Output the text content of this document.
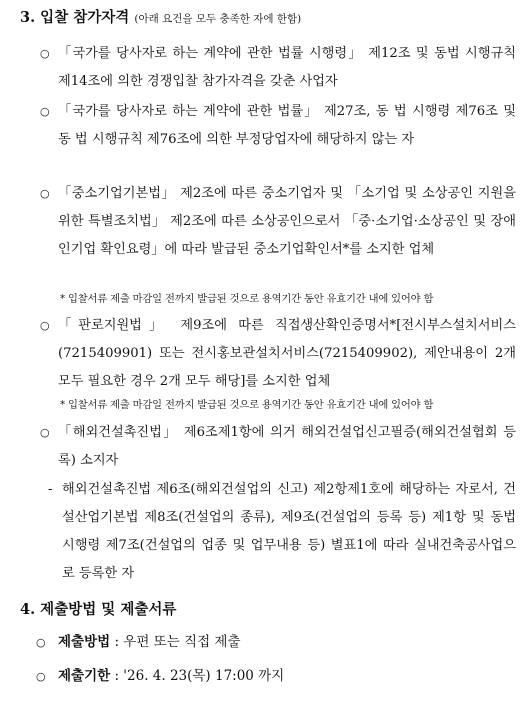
3. 입찰 참가자격 (아래 요건을 모두 충족한 자에 한함)
○ 「국가를 당사자로 하는 계약에 관한 법률 시행령」 제12조 및 동법 시행규칙 제14조에 의한 경쟁입찰 참가자격을 갖춘 사업자
○ 「국가를 당사자로 하는 계약에 관한 법률」 제27조, 동 법 시행령 제76조 및 동 법 시행규칙 제76조에 의한 부정당업자에 해당하지 않는 자
○ 「중소기업기본법」 제2조에 따른 중소기업자 및 「소기업 및 소상공인 지원을 위한 특별조치법」 제2조에 따른 소상공인으로서 「중·소기업·소상공인 및 장애인기업 확인요령」에 따라 발급된 중소기업확인서*를 소지한 업체
* 입찰서류 제출 마감일 전까지 발급된 것으로 용역기간 동안 유효기간 내에 있어야 함
○ 「판로지원법」 제9조에 따른 직접생산확인증명서*[전시부스설치서비스(7215409901) 또는 전시홍보관설치서비스(7215409902), 제안내용이 2개 모두 필요한 경우 2개 모두 해당]를 소지한 업체
* 입찰서류 제출 마감일 전까지 발급된 것으로 용역기간 동안 유효기간 내에 있어야 함
○ 「해외건설촉진법」 제6조제1항에 의거 해외건설업신고필증(해외건설협회 등록) 소지자
- 해외건설촉진법 제6조(해외건설업의 신고) 제2항제1호에 해당하는 자로서, 건설산업기본법 제8조(건설업의 종류), 제9조(건설업의 등록 등) 제1항 및 동법 시행령 제7조(건설업의 업종 및 업무내용 등) 별표1에 따라 실내건축공사업으로 등록한 자
4. 제출방법 및 제출서류
○ 제출방법 : 우편 또는 직접 제출
○ 제출기한 : '26. 4. 23(목) 17:00 까지
